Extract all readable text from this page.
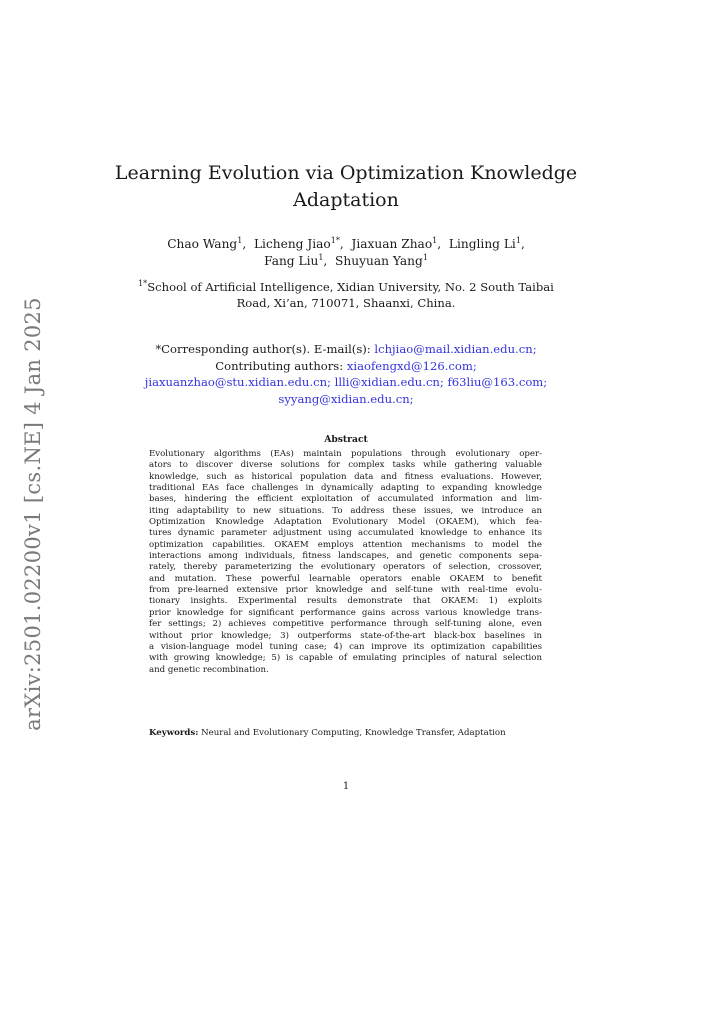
arXiv:2501.02200v1 [cs.NE] 4 Jan 2025
Learning Evolution via Optimization Knowledge
Adaptation
Chao Wang$^1$,  Licheng Jiao$^{1*}$,  Jiaxuan Zhao$^1$,  Lingling Li$^1$,
Fang Liu$^1$,  Shuyuan Yang$^1$
$^{1*}$School of Artificial Intelligence, Xidian University, No. 2 South Taibai
Road, Xi’an, 710071, Shaanxi, China.
*Corresponding author(s). E-mail(s): lchjiao@mail.xidian.edu.cn;
Contributing authors: xiaofengxd@126.com;
jiaxuanzhao@stu.xidian.edu.cn; llli@xidian.edu.cn; f63liu@163.com;
syyang@xidian.edu.cn;
Abstract
Evolutionary algorithms (EAs) maintain populations through evolutionary oper-
ators to discover diverse solutions for complex tasks while gathering valuable
knowledge, such as historical population data and fitness evaluations. However,
traditional EAs face challenges in dynamically adapting to expanding knowledge
bases, hindering the efficient exploitation of accumulated information and lim-
iting adaptability to new situations. To address these issues, we introduce an
Optimization Knowledge Adaptation Evolutionary Model (OKAEM), which fea-
tures dynamic parameter adjustment using accumulated knowledge to enhance its
optimization capabilities. OKAEM employs attention mechanisms to model the
interactions among individuals, fitness landscapes, and genetic components sepa-
rately, thereby parameterizing the evolutionary operators of selection, crossover,
and mutation. These powerful learnable operators enable OKAEM to benefit
from pre-learned extensive prior knowledge and self-tune with real-time evolu-
tionary insights. Experimental results demonstrate that OKAEM: 1) exploits
prior knowledge for significant performance gains across various knowledge trans-
fer settings; 2) achieves competitive performance through self-tuning alone, even
without prior knowledge; 3) outperforms state-of-the-art black-box baselines in
a vision-language model tuning case; 4) can improve its optimization capabilities
with growing knowledge; 5) is capable of emulating principles of natural selection
and genetic recombination.
Keywords: Neural and Evolutionary Computing, Knowledge Transfer, Adaptation
1
